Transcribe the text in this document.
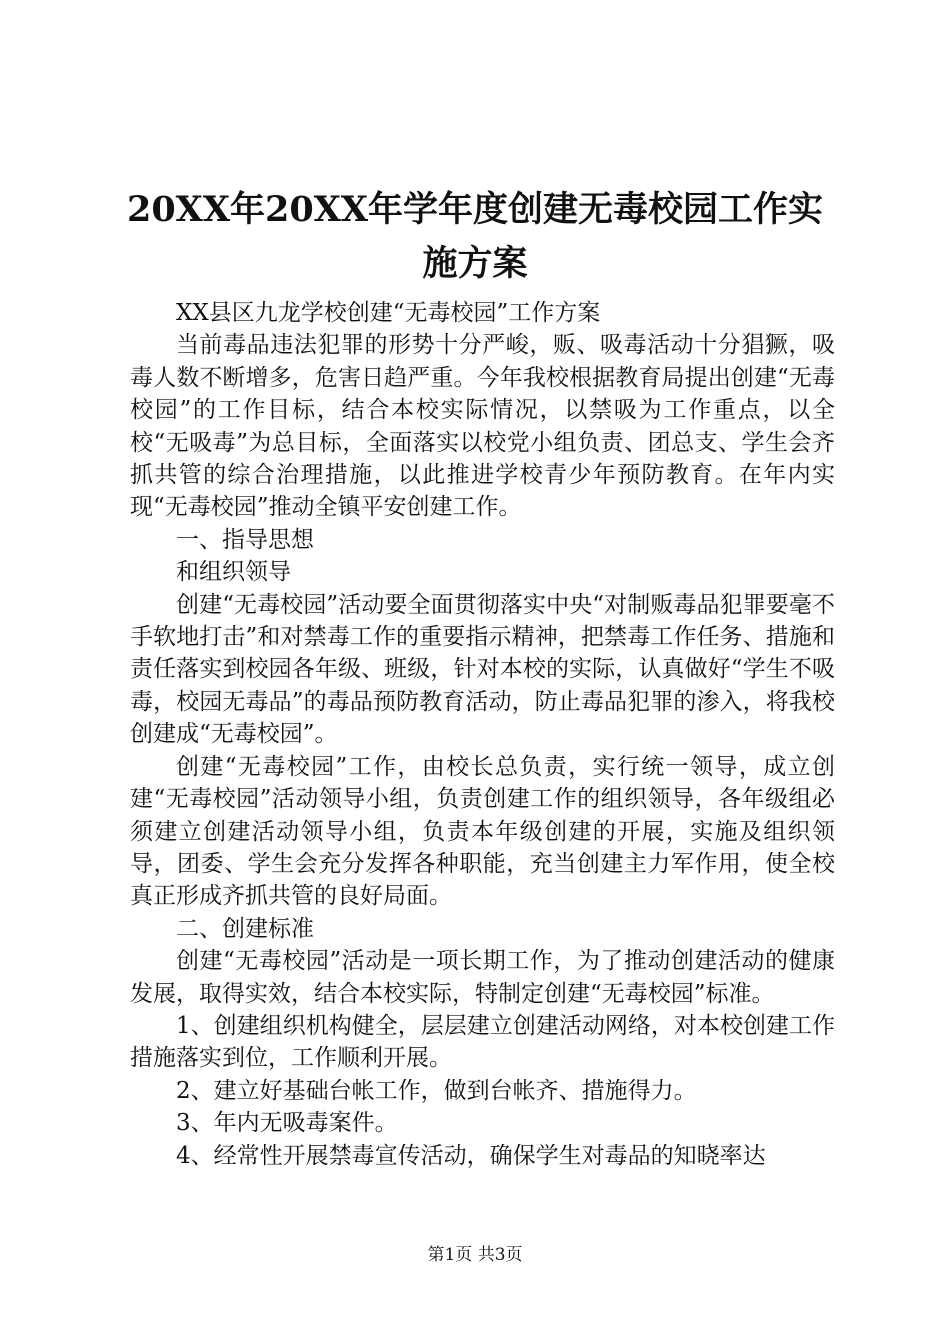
20XX年20XX年学年度创建无毒校园工作实施方案

XX县区九龙学校创建“无毒校园”工作方案

当前毒品违法犯罪的形势十分严峻，贩、吸毒活动十分猖獗，吸毒人数不断增多，危害日趋严重。今年我校根据教育局提出创建“无毒校园”的工作目标，结合本校实际情况，以禁吸为工作重点，以全校“无吸毒”为总目标，全面落实以校党小组负责、团总支、学生会齐抓共管的综合治理措施，以此推进学校青少年预防教育。在年内实现“无毒校园”推动全镇平安创建工作。

一、指导思想

和组织领导

创建“无毒校园”活动要全面贯彻落实中央“对制贩毒品犯罪要毫不手软地打击”和对禁毒工作的重要指示精神，把禁毒工作任务、措施和责任落实到校园各年级、班级，针对本校的实际，认真做好“学生不吸毒，校园无毒品”的毒品预防教育活动，防止毒品犯罪的渗入，将我校创建成“无毒校园”。

创建“无毒校园”工作，由校长总负责，实行统一领导，成立创建“无毒校园”活动领导小组，负责创建工作的组织领导，各年级组必须建立创建活动领导小组，负责本年级创建的开展，实施及组织领导，团委、学生会充分发挥各种职能，充当创建主力军作用，使全校真正形成齐抓共管的良好局面。

二、创建标准

创建“无毒校园”活动是一项长期工作，为了推动创建活动的健康发展，取得实效，结合本校实际，特制定创建“无毒校园”标准。

1、创建组织机构健全，层层建立创建活动网络，对本校创建工作措施落实到位，工作顺利开展。

2、建立好基础台帐工作，做到台帐齐、措施得力。

3、年内无吸毒案件。

4、经常性开展禁毒宣传活动，确保学生对毒品的知晓率达

第1页 共3页
